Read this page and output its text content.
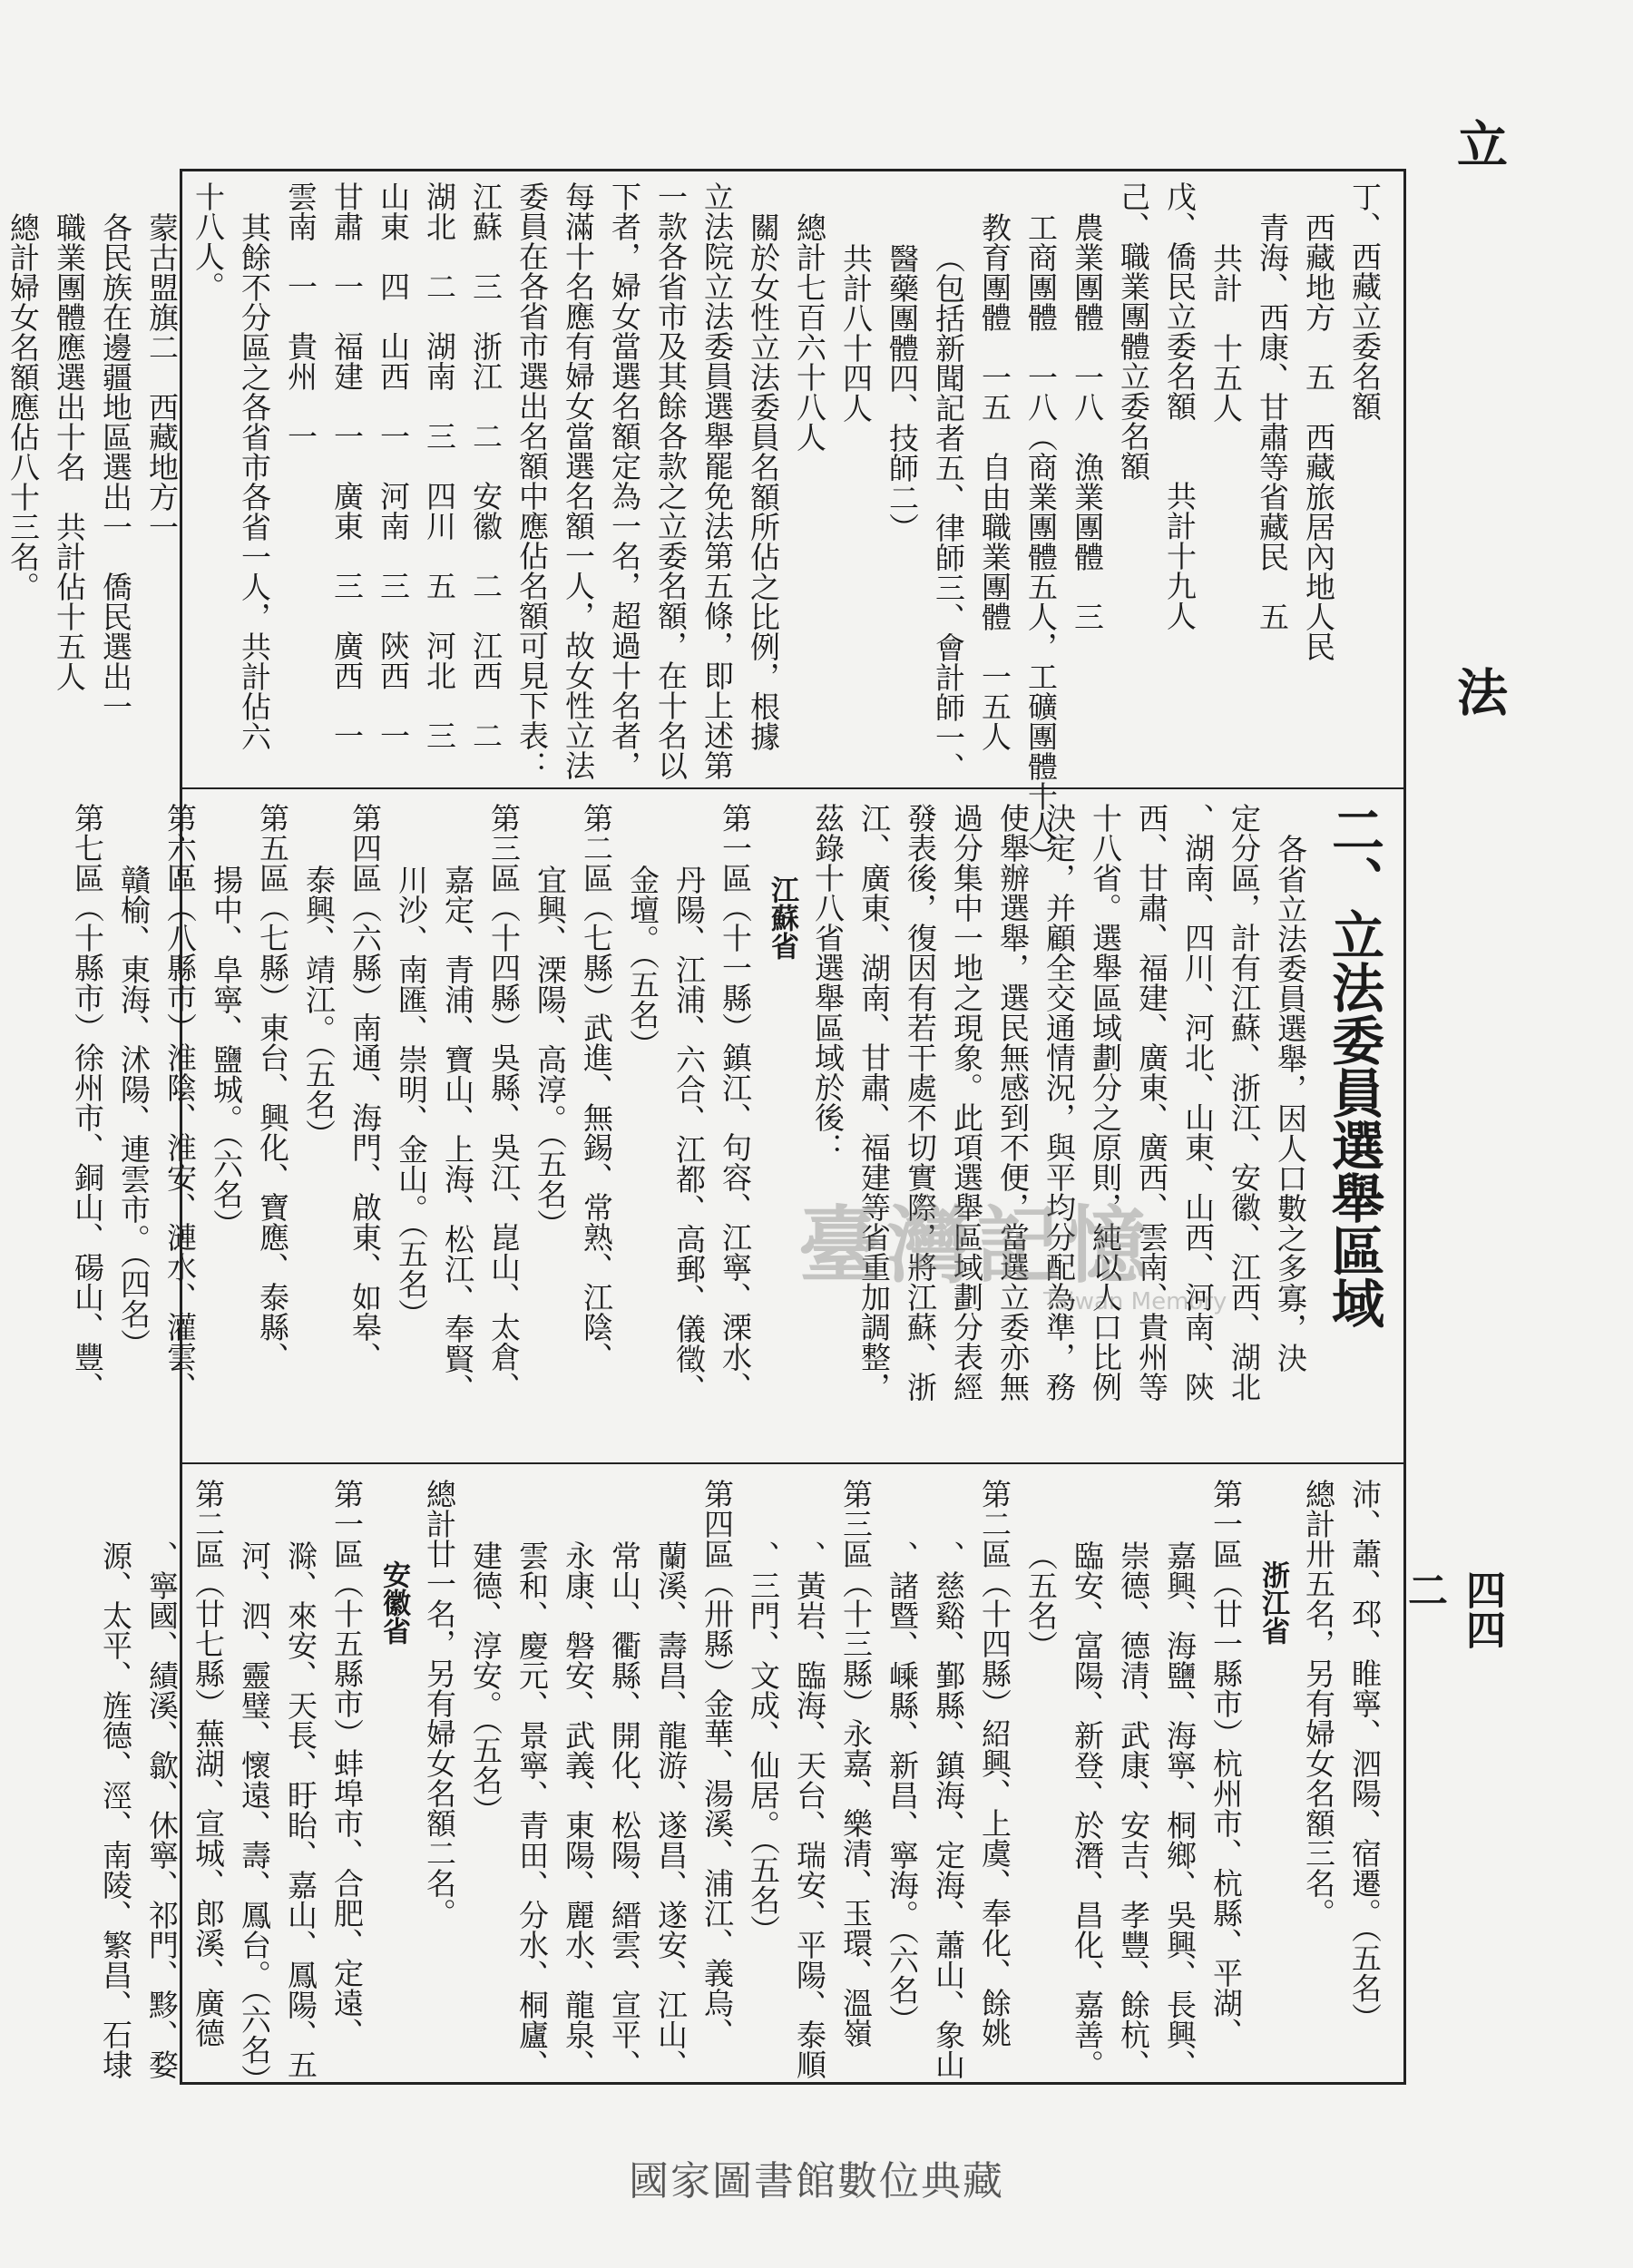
立
法
四四二
丁、西藏立委名額
西藏地方　五　西藏旅居內地人民
青海、西康、甘肅等省藏民　五
共計　十五人
戊、僑民立委名額　　共計十九人
己、職業團體立委名額
農業團體　一八　漁業團體　三
工商團體　一八（商業團體五人，工礦團體十人）
教育團體　一五　自由職業團體　一五人
（包括新聞記者五、律師三、會計師一、
醫藥團體四、技師二）
共計八十四人
總計七百六十八人
關於女性立法委員名額所佔之比例，根據
立法院立法委員選舉罷免法第五條，即上述第
一款各省市及其餘各款之立委名額，在十名以
下者，婦女當選名額定為一名，超過十名者，
每滿十名應有婦女當選名額一人，故女性立法
委員在各省市選出名額中應佔名額可見下表：
江蘇　三　浙江　二　安徽　二　江西　二
湖北　二　湖南　三　四川　五　河北　三
山東　四　山西　一　河南　三　陝西　一
甘肅　一　福建　一　廣東　三　廣西　一
雲南　一　貴州　一
其餘不分區之各省市各省一人，共計佔六
十八人。
蒙古盟旗二　西藏地方一
各民族在邊疆地區選出一　僑民選出一
職業團體應選出十名　共計佔十五人
總計婦女名額應佔八十三名。
二、立法委員選舉區域
各省立法委員選舉，因人口數之多寡，決
定分區，計有江蘇、浙江、安徽、江西、湖北
、湖南、四川、河北、山東、山西、河南、陝
西、甘肅、福建、廣東、廣西、雲南、貴州等
十八省。選舉區域劃分之原則，純以人口比例
決定，并顧全交通情況，與平均分配為準，務
使舉辦選舉，選民無感到不便，當選立委亦無
過分集中一地之現象。此項選舉區域劃分表經
發表後，復因有若干處不切實際，將江蘇、浙
江、廣東、湖南、甘肅、福建等省重加調整，
茲錄十八省選舉區域於後：
江蘇省
第一區（十一縣）鎮江、句容、江寧、溧水、
丹陽、江浦、六合、江都、高郵、儀徵、
金壇。（五名）
第二區（七縣）武進、無錫、常熟、江陰、
宜興、溧陽、高淳。（五名）
第三區（十四縣）吳縣、吳江、崑山、太倉、
嘉定、青浦、寶山、上海、松江、奉賢、
川沙、南匯、崇明、金山。（五名）
第四區（六縣）南通、海門、啟東、如皋、
泰興、靖江。（五名）
第五區（七縣）東台、興化、寶應、泰縣、
揚中、阜寧、鹽城。（六名）
第六區（八縣市）淮陰、淮安、漣水、灌雲、
贛榆、東海、沭陽、連雲市。（四名）
第七區（十縣市）徐州市、銅山、碭山、豐、
沛、蕭、邳、睢寧、泗陽、宿遷。（五名）
總計卅五名，另有婦女名額三名。
浙江省
第一區（廿一縣市）杭州市、杭縣、平湖、
嘉興、海鹽、海寧、桐鄉、吳興、長興、
崇德、德清、武康、安吉、孝豐、餘杭、
臨安、富陽、新登、於潛、昌化、嘉善。
（五名）
第二區（十四縣）紹興、上虞、奉化、餘姚
、慈谿、鄞縣、鎮海、定海、蕭山、象山
、諸暨、嵊縣、新昌、寧海。（六名）
第三區（十三縣）永嘉、樂清、玉環、溫嶺
、黃岩、臨海、天台、瑞安、平陽、泰順
、三門、文成、仙居。（五名）
第四區（卅縣）金華、湯溪、浦江、義烏、
蘭溪、壽昌、龍游、遂昌、遂安、江山、
常山、衢縣、開化、松陽、縉雲、宣平、
永康、磐安、武義、東陽、麗水、龍泉、
雲和、慶元、景寧、青田、分水、桐廬、
建德、淳安。（五名）
總計廿一名，另有婦女名額二名。
安徽省
第一區（十五縣市）蚌埠市、合肥、定遠、
滁、來安、天長、盱眙、嘉山、鳳陽、五
河、泗、靈璧、懷遠、壽、鳳台。（六名）
第二區（廿七縣）蕪湖、宣城、郎溪、廣德
、寧國、績溪、歙、休寧、祁門、黟、婺
源、太平、旌德、涇、南陵、繁昌、石埭
臺灣記憶
Taiwan Memory
國家圖書館數位典藏
